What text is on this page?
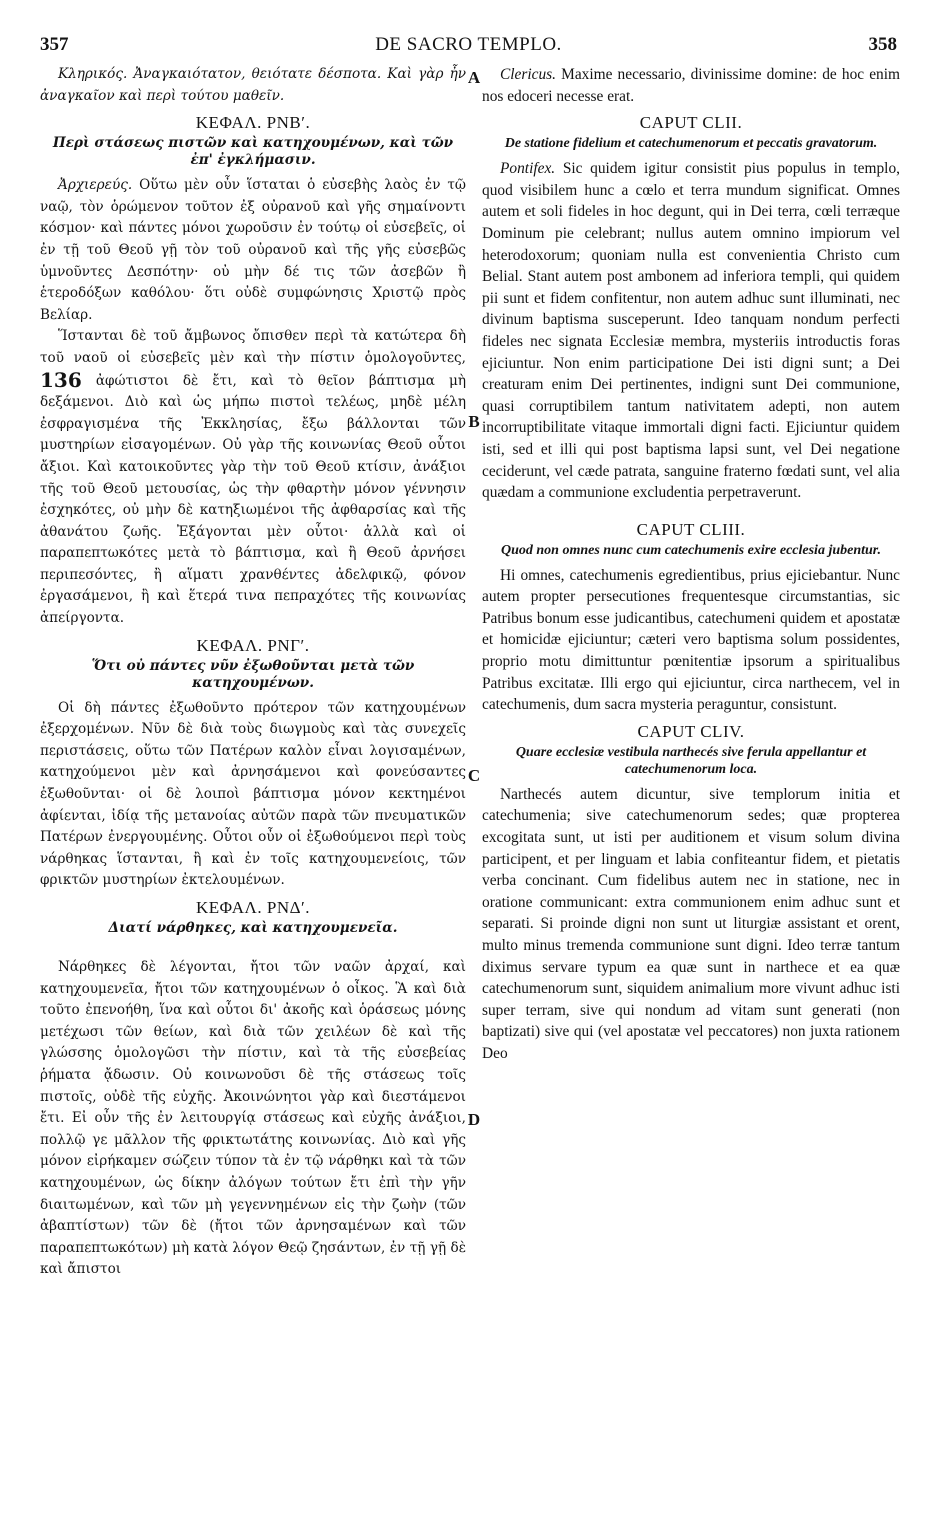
357	DE SACRO TEMPLO.	358
A
B
C
D

Κληρικός. Ἀναγκαιότατον, θειότατε δέσποτα. Καὶ γὰρ ἦν ἀναγκαῖον καὶ περὶ τούτου μαθεῖν.

ΚΕΦΑΛ. ΡΝΒʹ.
Περὶ στάσεως πιστῶν καὶ κατηχουμένων, καὶ τῶν ἐπ' ἐγκλήμασιν.

Ἀρχιερεύς. Οὕτω μὲν οὖν ἵσταται ὁ εὐσεβὴς λαὸς ἐν τῷ ναῷ, τὸν ὁρώμενον τοῦτον ἐξ οὐρανοῦ καὶ γῆς σημαίνοντι κόσμον· καὶ πάντες μόνοι χωροῦσιν ἐν τούτῳ οἱ εὐσεβεῖς, οἱ ἐν τῇ τοῦ Θεοῦ γῇ τὸν τοῦ οὐρανοῦ καὶ τῆς γῆς εὐσεβῶς ὑμνοῦντες Δεσπότην· οὐ μὴν δέ τις τῶν ἀσεβῶν ἢ ἑτεροδόξων καθόλου· ὅτι οὐδὲ συμφώνησις Χριστῷ πρὸς Βελίαρ.

Ἵστανται δὲ τοῦ ἄμβωνος ὄπισθεν περὶ τὰ κατώτερα δὴ τοῦ ναοῦ οἱ εὐσεβεῖς μὲν καὶ τὴν πίστιν ὁμολογοῦντες, 136 ἀφώτιστοι δὲ ἔτι, καὶ τὸ θεῖον βάπτισμα μὴ δεξάμενοι. Διὸ καὶ ὡς μήπω πιστοὶ τελέως, μηδὲ μέλη ἐσφραγισμένα τῆς Ἐκκλησίας, ἔξω βάλλονται τῶν μυστηρίων εἰσαγομένων. Οὐ γὰρ τῆς κοινωνίας Θεοῦ οὗτοι ἄξιοι. Καὶ κατοικοῦντες γὰρ τὴν τοῦ Θεοῦ κτίσιν, ἀνάξιοι τῆς τοῦ Θεοῦ μετουσίας, ὡς τὴν φθαρτὴν μόνον γέννησιν ἐσχηκότες, οὐ μὴν δὲ κατηξιωμένοι τῆς ἀφθαρσίας καὶ τῆς ἀθανάτου ζωῆς. Ἐξάγονται μὲν οὗτοι· ἀλλὰ καὶ οἱ παραπεπτωκότες μετὰ τὸ βάπτισμα, καὶ ἢ Θεοῦ ἀρνήσει περιπεσόντες, ἢ αἵματι χρανθέντες ἀδελφικῷ, φόνον ἐργασάμενοι, ἢ καὶ ἕτερά τινα πεπραχότες τῆς κοινωνίας ἀπείργοντα.

ΚΕΦΑΛ. ΡΝΓʹ.
Ὅτι οὐ πάντες νῦν ἐξωθοῦνται μετὰ τῶν κατηχουμένων.

Οἱ δὴ πάντες ἐξωθοῦντο πρότερον τῶν κατηχουμένων ἐξερχομένων. Νῦν δὲ διὰ τοὺς διωγμοὺς καὶ τὰς συνεχεῖς περιστάσεις, οὕτω τῶν Πατέρων καλὸν εἶναι λογισαμένων, κατηχούμενοι μὲν καὶ ἀρνησάμενοι καὶ φονεύσαντες ἐξωθοῦνται· οἱ δὲ λοιποὶ βάπτισμα μόνον κεκτημένοι ἀφίενται, ἰδίᾳ τῆς μετανοίας αὐτῶν παρὰ τῶν πνευματικῶν Πατέρων ἐνεργουμένης. Οὗτοι οὖν οἱ ἐξωθούμενοι περὶ τοὺς νάρθηκας ἵστανται, ἢ καὶ ἐν τοῖς κατηχουμενείοις, τῶν φρικτῶν μυστηρίων ἐκτελουμένων.

ΚΕΦΑΛ. ΡΝΔʹ.
Διατί νάρθηκες, καὶ κατηχουμενεῖα.

Νάρθηκες δὲ λέγονται, ἤτοι τῶν ναῶν ἀρχαί, καὶ κατηχουμενεῖα, ἤτοι τῶν κατηχουμένων ὁ οἶκος. Ἃ καὶ διὰ τοῦτο ἐπενοήθη, ἵνα καὶ οὗτοι δι' ἀκοῆς καὶ ὁράσεως μόνης μετέχωσι τῶν θείων, καὶ διὰ τῶν χειλέων δὲ καὶ τῆς γλώσσης ὁμολογῶσι τὴν πίστιν, καὶ τὰ τῆς εὐσεβείας ῥήματα ᾄδωσιν. Οὐ κοινωνοῦσι δὲ τῆς στάσεως τοῖς πιστοῖς, οὐδὲ τῆς εὐχῆς. Ἀκοινώνητοι γὰρ καὶ διεστάμενοι ἔτι. Εἰ οὖν τῆς ἐν λειτουργίᾳ στάσεως καὶ εὐχῆς ἀνάξιοι, πολλῷ γε μᾶλλον τῆς φρικτωτάτης κοινωνίας. Διὸ καὶ γῆς μόνον εἰρήκαμεν σώζειν τύπον τὰ ἐν τῷ νάρθηκι καὶ τὰ τῶν κατηχουμένων, ὡς δίκην ἀλόγων τούτων ἔτι ἐπὶ τὴν γῆν διαιτωμένων, καὶ τῶν μὴ γεγεννημένων εἰς τὴν ζωὴν (τῶν ἀβαπτίστων) τῶν δὲ (ἤτοι τῶν ἀρνησαμένων καὶ τῶν παραπεπτωκότων) μὴ κατὰ λόγον Θεῷ ζησάντων, ἐν τῇ γῇ δὲ καὶ ἄπιστοι

Clericus. Maxime necessario, divinissime domine: de hoc enim nos edoceri necesse erat.

CAPUT CLII.
De statione fidelium et catechumenorum et peccatis gravatorum.

Pontifex. Sic quidem igitur consistit pius populus in templo, quod visibilem hunc a cœlo et terra mundum significat. Omnes autem et soli fideles in hoc degunt, qui in Dei terra, cœli terræque Dominum pie celebrant; nullus autem omnino impiorum vel heterodoxorum; quoniam nulla est convenientia Christo cum Belial. Stant autem post ambonem ad inferiora templi, qui quidem pii sunt et fidem confitentur, non autem adhuc sunt illuminati, nec divinum baptisma susceperunt. Ideo tanquam nondum perfecti fideles nec signata Ecclesiæ membra, mysteriis introductis foras ejiciuntur. Non enim participatione Dei isti digni sunt; a Dei creaturam enim Dei pertinentes, indigni sunt Dei communione, quasi corruptibilem tantum nativitatem adepti, non autem incorruptibilitate vitaque immortali digni facti. Ejiciuntur quidem isti, sed et illi qui post baptisma lapsi sunt, vel Dei negatione ceciderunt, vel cæde patrata, sanguine fraterno fœdati sunt, vel alia quædam a communione excludentia perpetraverunt.

CAPUT CLIII.
Quod non omnes nunc cum catechumenis exire ecclesia jubentur.

Hi omnes, catechumenis egredientibus, prius ejiciebantur. Nunc autem propter persecutiones frequentesque circumstantias, sic Patribus bonum esse judicantibus, catechumeni quidem et apostatæ et homicidæ ejiciuntur; cæteri vero baptisma solum possidentes, proprio motu dimittuntur pœnitentiæ ipsorum a spiritualibus Patribus excitatæ. Illi ergo qui ejiciuntur, circa narthecem, vel in catechumenis, dum sacra mysteria peraguntur, consistunt.

CAPUT CLIV.
Quare ecclesiæ vestibula narthecés sive ferula appellantur et catechumenorum loca.

Narthecés autem dicuntur, sive templorum initia et catechumenia; sive catechumenorum sedes; quæ propterea excogitata sunt, ut isti per auditionem et visum solum divina participent, et per linguam et labia confiteantur fidem, et pietatis verba concinant. Cum fidelibus autem nec in statione, nec in oratione communicant: extra communionem enim adhuc sunt et separati. Si proinde digni non sunt ut liturgiæ assistant et orent, multo minus tremenda communione sunt digni. Ideo terræ tantum diximus servare typum ea quæ sunt in narthece et ea quæ catechumenorum sunt, siquidem animalium more vivunt adhuc isti super terram, sive qui nondum ad vitam sunt generati (non baptizati) sive qui (vel apostatæ vel peccatores) non juxta rationem Deo
